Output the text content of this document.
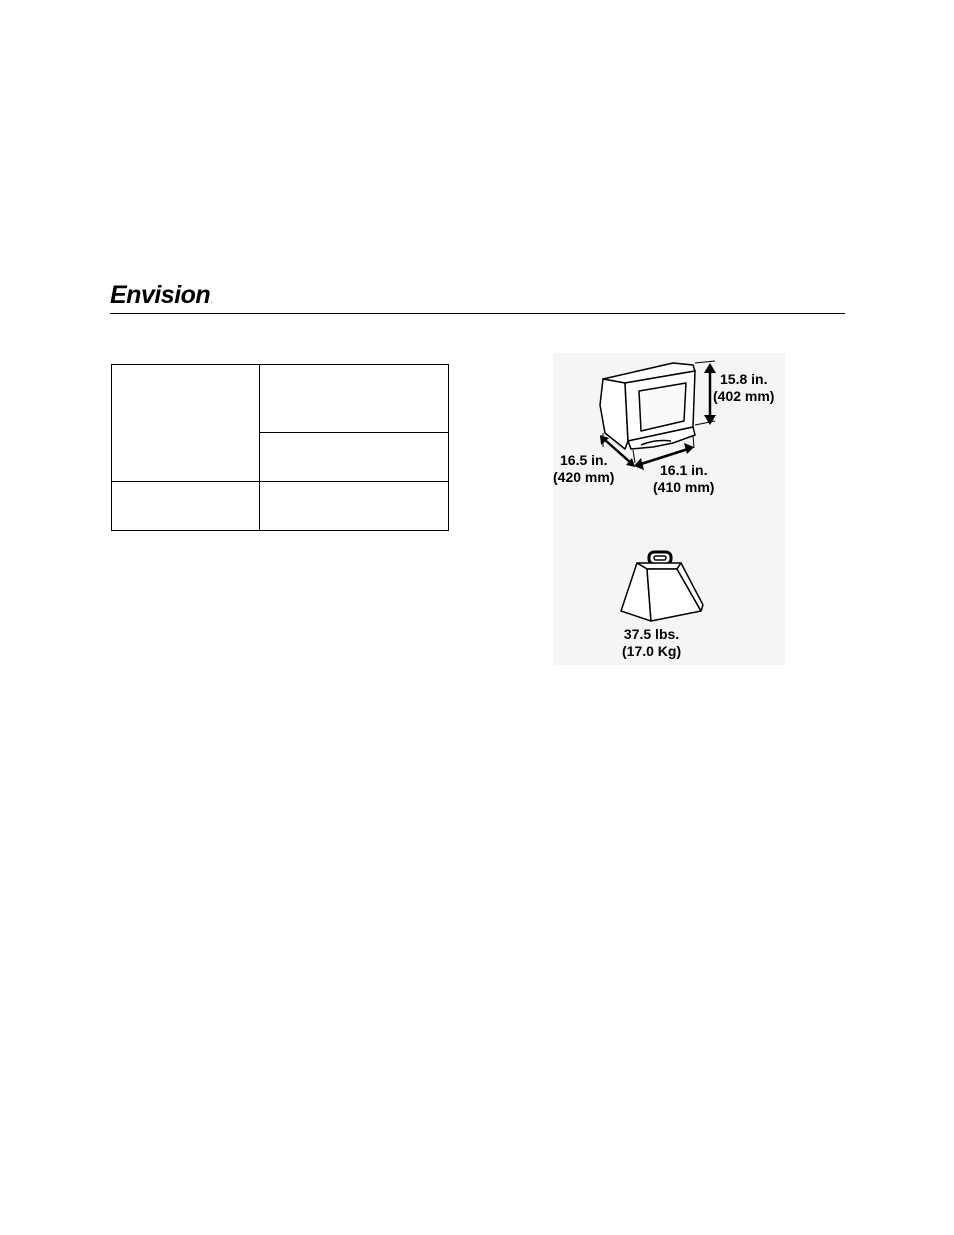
Envision.

15.8 in.
(402 mm)
16.5 in.
(420 mm)	16.1 in.
(410 mm)
37.5 lbs.
(17.0 Kg)
